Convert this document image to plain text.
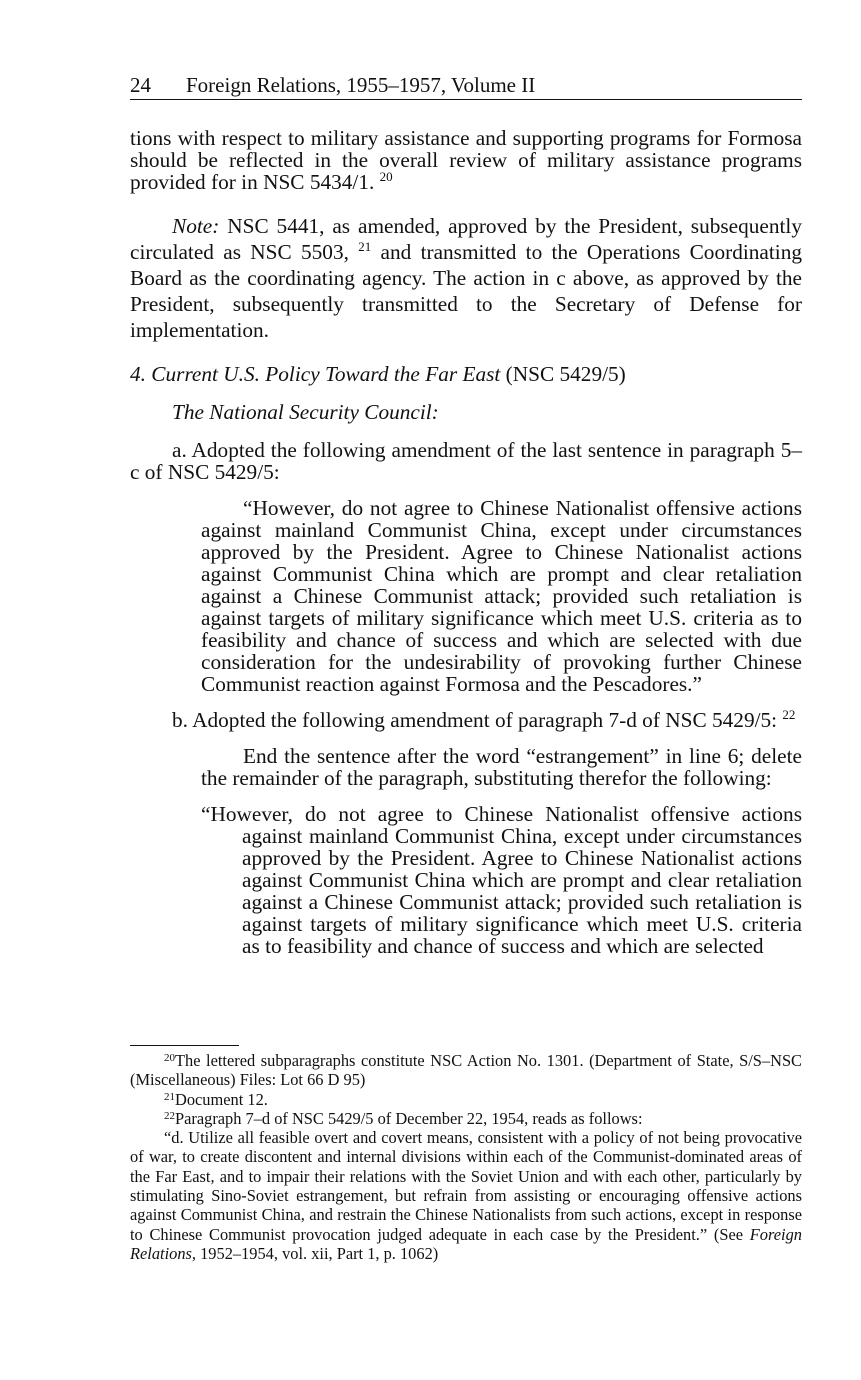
24 Foreign Relations, 1955–1957, Volume II

tions with respect to military assistance and supporting programs for Formosa should be reflected in the overall review of military assistance programs provided for in NSC 5434/1. $^{20}$

Note: NSC 5441, as amended, approved by the President, subsequently circulated as NSC 5503, $^{21}$ and transmitted to the Operations Coordinating Board as the coordinating agency. The action in c above, as approved by the President, subsequently transmitted to the Secretary of Defense for implementation.

4. Current U.S. Policy Toward the Far East (NSC 5429/5)

The National Security Council:

a. Adopted the following amendment of the last sentence in paragraph 5–c of NSC 5429/5:

“However, do not agree to Chinese Nationalist offensive actions against mainland Communist China, except under circumstances approved by the President. Agree to Chinese Nationalist actions against Communist China which are prompt and clear retaliation against a Chinese Communist attack; provided such retaliation is against targets of military significance which meet U.S. criteria as to feasibility and chance of success and which are selected with due consideration for the undesirability of provoking further Chinese Communist reaction against Formosa and the Pescadores.”

b. Adopted the following amendment of paragraph 7-d of NSC 5429/5: $^{22}$

End the sentence after the word “estrangement” in line 6; delete the remainder of the paragraph, substituting therefor the following:

“However, do not agree to Chinese Nationalist offensive actions against mainland Communist China, except under circumstances approved by the President. Agree to Chinese Nationalist actions against Communist China which are prompt and clear retaliation against a Chinese Communist attack; provided such retaliation is against targets of military significance which meet U.S. criteria as to feasibility and chance of success and which are selected

$^{20}$The lettered subparagraphs constitute NSC Action No. 1301. (Department of State, S/S–NSC (Miscellaneous) Files: Lot 66 D 95)

$^{21}$Document 12.

$^{22}$Paragraph 7–d of NSC 5429/5 of December 22, 1954, reads as follows:

“d. Utilize all feasible overt and covert means, consistent with a policy of not being provocative of war, to create discontent and internal divisions within each of the Communist-dominated areas of the Far East, and to impair their relations with the Soviet Union and with each other, particularly by stimulating Sino-Soviet estrangement, but refrain from assisting or encouraging offensive actions against Communist China, and restrain the Chinese Nationalists from such actions, except in response to Chinese Communist provocation judged adequate in each case by the President.” (See Foreign Relations, 1952–1954, vol. xii, Part 1, p. 1062)
